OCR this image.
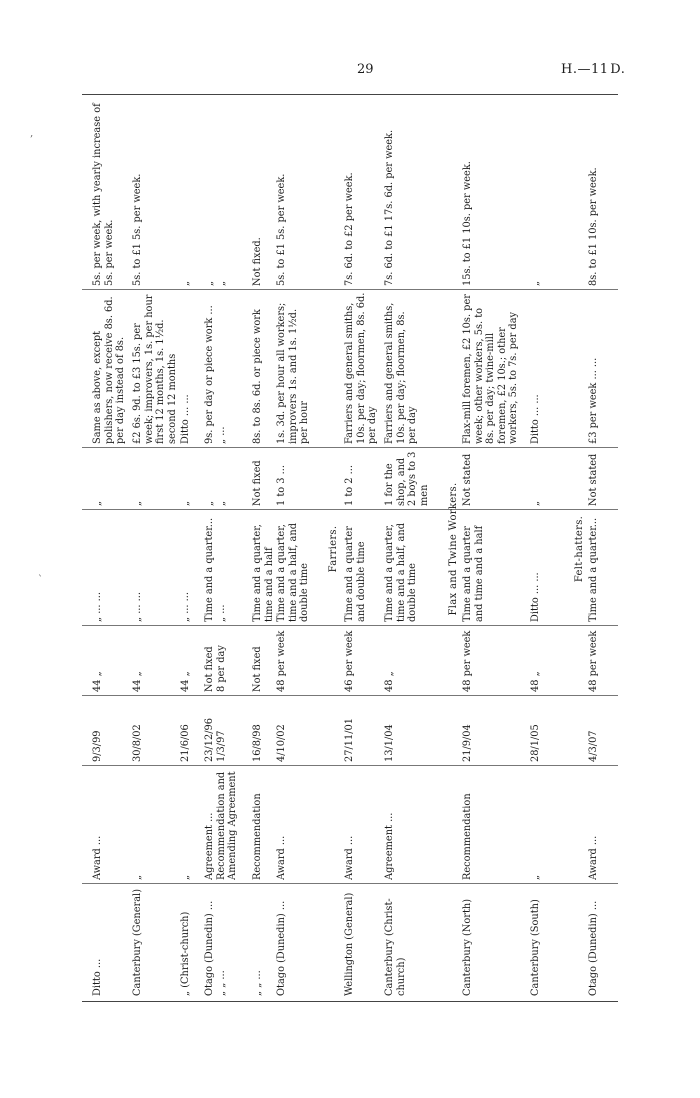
29	H.—11 D.
Ditto ...
Award ...
9/3/99
44 „
„ ... ...
„
Same as above, except polishers, now receive 8s. 6d. per day instead of 8s.
5s. per week, with yearly increase of 5s. per week.
Canterbury (General)
„
30/8/02
44 „
„ ... ...
„
£2 6s. 9d. to £3 15s. per week; improvers, 1s. per hour first 12 months, 1s. 1½d. second 12 months
5s. to £1 5s. per week.
„ (Christ-church)
„
21/6/06
44 „
„ ... ...
„
Ditto ... ...
„
Otago (Dunedin) ...
„ „ ...
Agreement ...
Recommendation and Amending Agreement
23/12/96
1/3/97
Not fixed
8 per day
Time and a quarter...
„ ...
„
„
9s. per day or piece work ...
„ ...
„
„
„ „ ...
Recommendation
16/8/98
Not fixed
Time and a quarter, time and a half
Not fixed
8s. to 8s. 6d. or piece work
Not fixed.
Otago (Dunedin) ...
Award ...
4/10/02
48 per week
Time and a quarter, time and a half, and double time
1 to 3 ...
1s. 3d. per hour all workers; improvers 1s. and 1s. 1½d. per hour
5s. to £1 5s. per week.
Farriers.
Wellington (General)
Award ...
27/11/01
46 per week
Time and a quarter and double time
1 to 2 ...
Farriers and general smiths, 10s. per day; floormen, 8s. 6d. per day
7s. 6d. to £2 per week.
Canterbury (Christ-church)
Agreement ...
13/1/04
48 „
Time and a quarter, time and a half, and double time
1 for the shop, and 2 boys to 3 men
Farriers and general smiths, 10s. per day; floormen, 8s. per day
7s. 6d. to £1 17s. 6d. per week.
Flax and Twine Workers.
Canterbury (North)
Recommendation
21/9/04
48 per week
Time and a quarter and time and a half
Not stated
Flax-mill foremen, £2 10s. per week; other workers, 5s. to 8s. per day; twine-mill foremen, £2 10s.; other workers, 5s. to 7s. per day
15s. to £1 10s. per week.
Canterbury (South)
„
28/1/05
48 „
Ditto ... ...
„
Ditto ... ...
„
Felt-hatters.
Otago (Dunedin) ...
Award ...
4/3/07
48 per week
Time and a quarter...
Not stated
£3 per week ... ...
8s. to £1 10s. per week.
‚
`
